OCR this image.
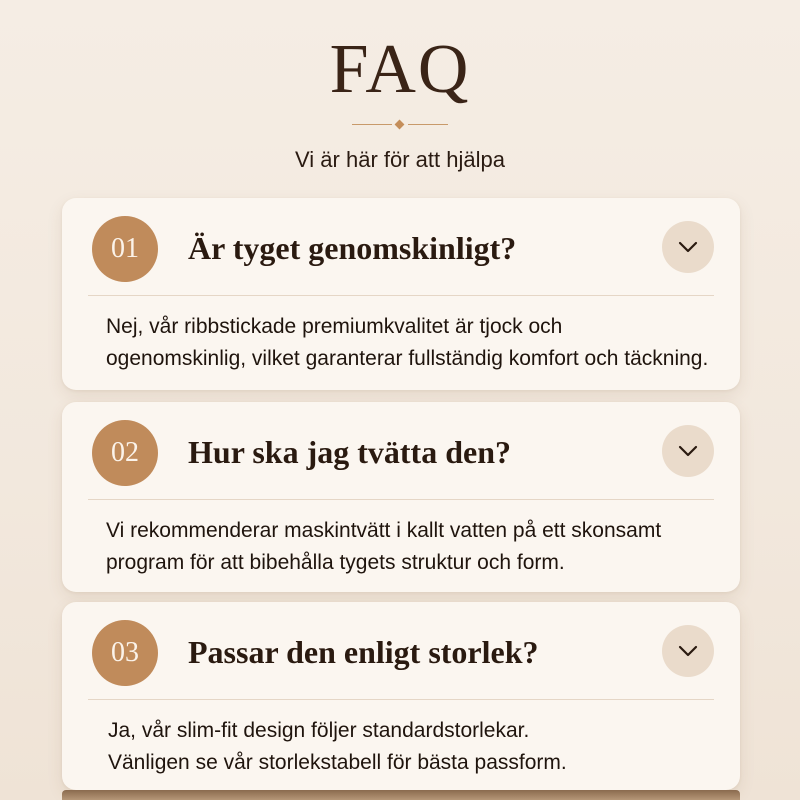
FAQ
Vi är här för att hjälpa
01	Är tyget genomskinligt?
Nej, vår ribbstickade premiumkvalitet är tjock och
ogenomskinlig, vilket garanterar fullständig komfort och täckning.
02	Hur ska jag tvätta den?
Vi rekommenderar maskintvätt i kallt vatten på ett skonsamt
program för att bibehålla tygets struktur och form.
03	Passar den enligt storlek?
Ja, vår slim-fit design följer standardstorlekar.
Vänligen se vår storlekstabell för bästa passform.
